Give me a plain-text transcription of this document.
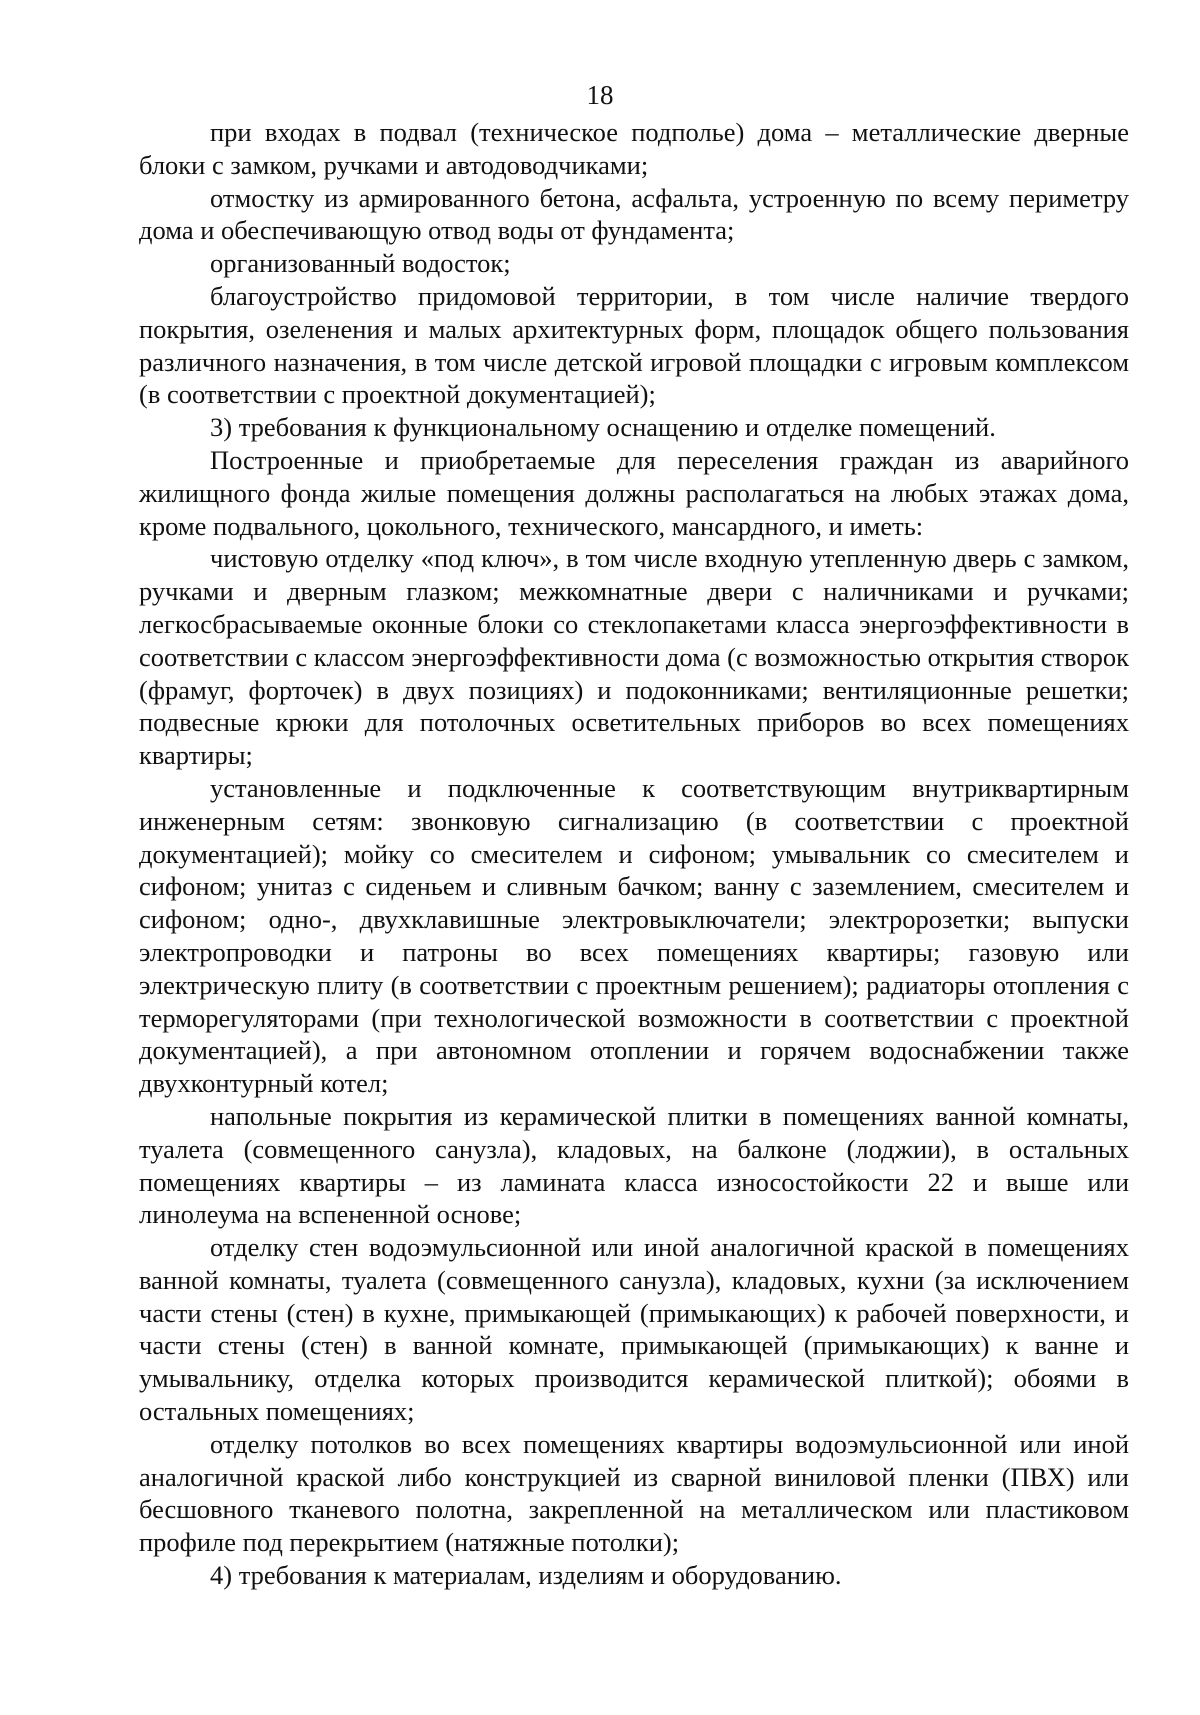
18

при входах в подвал (техническое подполье) дома – металлические дверные блоки с замком, ручками и автодоводчиками;

отмостку из армированного бетона, асфальта, устроенную по всему периметру дома и обеспечивающую отвод воды от фундамента;

организованный водосток;

благоустройство придомовой территории, в том числе наличие твердого покрытия, озеленения и малых архитектурных форм, площадок общего пользования различного назначения, в том числе детской игровой площадки с игровым комплексом (в соответствии с проектной документацией);

3) требования к функциональному оснащению и отделке помещений.

Построенные и приобретаемые для переселения граждан из аварийного жилищного фонда жилые помещения должны располагаться на любых этажах дома, кроме подвального, цокольного, технического, мансардного, и иметь:

чистовую отделку «под ключ», в том числе входную утепленную дверь с замком, ручками и дверным глазком; межкомнатные двери с наличниками и ручками; легкосбрасываемые оконные блоки со стеклопакетами класса энергоэффективности в соответствии с классом энергоэффективности дома (с возможностью открытия створок (фрамуг, форточек) в двух позициях) и подоконниками; вентиляционные решетки; подвесные крюки для потолочных осветительных приборов во всех помещениях квартиры;

установленные и подключенные к соответствующим внутриквартирным инженерным сетям: звонковую сигнализацию (в соответствии с проектной документацией); мойку со смесителем и сифоном; умывальник со смесителем и сифоном; унитаз с сиденьем и сливным бачком; ванну с заземлением, смесителем и сифоном; одно-, двухклавишные электровыключатели; электророзетки; выпуски электропроводки и патроны во всех помещениях квартиры; газовую или электрическую плиту (в соответствии с проектным решением); радиаторы отопления с терморегуляторами (при технологической возможности в соответствии с проектной документацией), а при автономном отоплении и горячем водоснабжении также двухконтурный котел;

напольные покрытия из керамической плитки в помещениях ванной комнаты, туалета (совмещенного санузла), кладовых, на балконе (лоджии), в остальных помещениях квартиры – из ламината класса износостойкости 22 и выше или линолеума на вспененной основе;

отделку стен водоэмульсионной или иной аналогичной краской в помещениях ванной комнаты, туалета (совмещенного санузла), кладовых, кухни (за исключением части стены (стен) в кухне, примыкающей (примыкающих) к рабочей поверхности, и части стены (стен) в ванной комнате, примыкающей (примыкающих) к ванне и умывальнику, отделка которых производится керамической плиткой); обоями в остальных помещениях;

отделку потолков во всех помещениях квартиры водоэмульсионной или иной аналогичной краской либо конструкцией из сварной виниловой пленки (ПВХ) или бесшовного тканевого полотна, закрепленной на металлическом или пластиковом профиле под перекрытием (натяжные потолки);

4) требования к материалам, изделиям и оборудованию.
